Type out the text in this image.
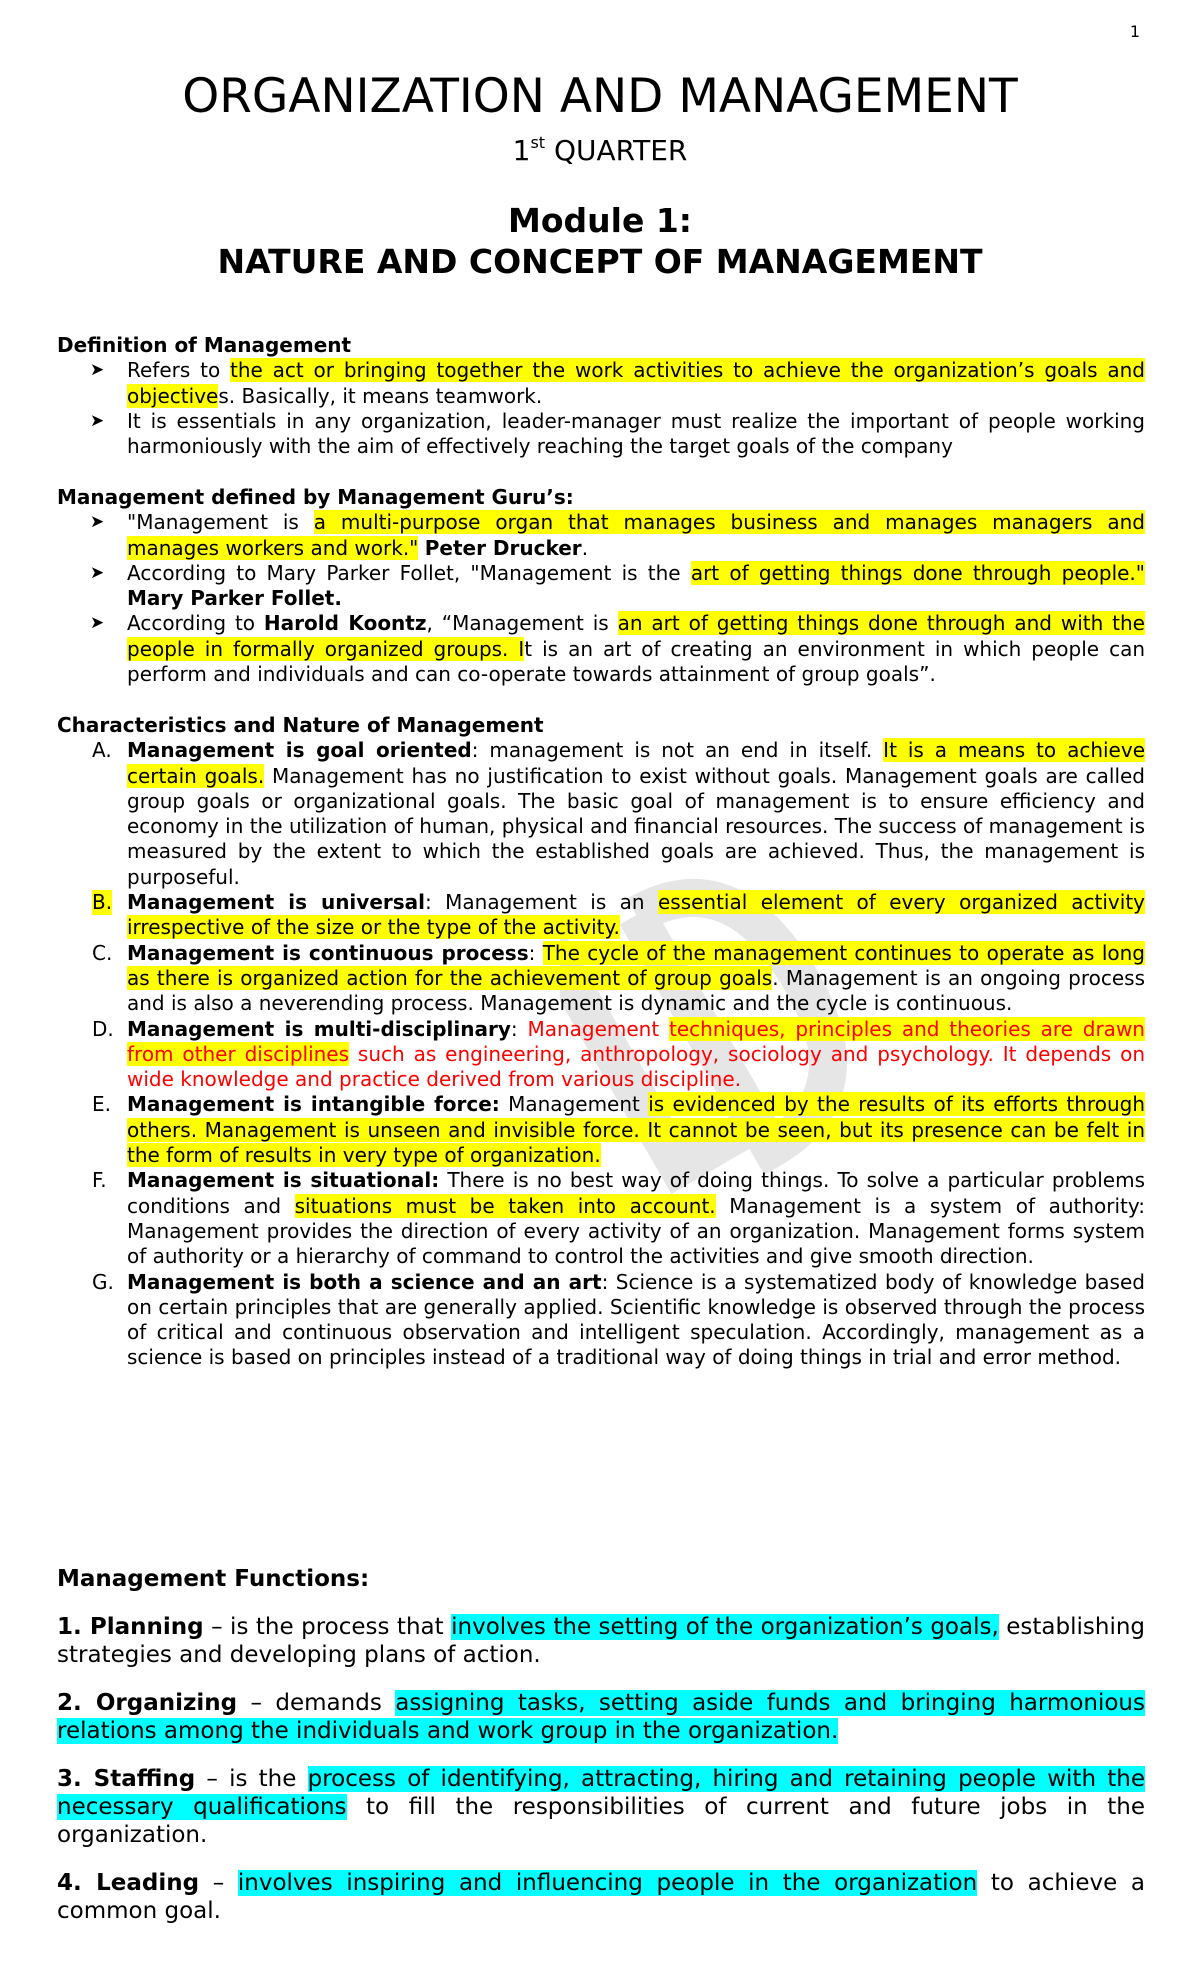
1
ORGANIZATION AND MANAGEMENT
1st QUARTER
Module 1:
NATURE AND CONCEPT OF MANAGEMENT
Definition of Management
➤ Refers to the act or bringing together the work activities to achieve the organization’s goals and objectives. Basically, it means teamwork.
➤ It is essentials in any organization, leader-manager must realize the important of people working harmoniously with the aim of effectively reaching the target goals of the company
Management defined by Management Guru’s:
➤ "Management is a multi-purpose organ that manages business and manages managers and manages workers and work." Peter Drucker.
➤ According to Mary Parker Follet, "Management is the art of getting things done through people." Mary Parker Follet.
➤ According to Harold Koontz, “Management is an art of getting things done through and with the people in formally organized groups. It is an art of creating an environment in which people can perform and individuals and can co-operate towards attainment of group goals”.
Characteristics and Nature of Management
A. Management is goal oriented: management is not an end in itself. It is a means to achieve certain goals. Management has no justification to exist without goals. Management goals are called group goals or organizational goals. The basic goal of management is to ensure efficiency and economy in the utilization of human, physical and financial resources. The success of management is measured by the extent to which the established goals are achieved. Thus, the management is purposeful.
B. Management is universal: Management is an essential element of every organized activity irrespective of the size or the type of the activity.
C. Management is continuous process: The cycle of the management continues to operate as long as there is organized action for the achievement of group goals. Management is an ongoing process and is also a neverending process. Management is dynamic and the cycle is continuous.
D. Management is multi-disciplinary: Management techniques, principles and theories are drawn from other disciplines such as engineering, anthropology, sociology and psychology. It depends on wide knowledge and practice derived from various discipline.
E. Management is intangible force: Management is evidenced by the results of its efforts through others. Management is unseen and invisible force. It cannot be seen, but its presence can be felt in the form of results in very type of organization.
F. Management is situational: There is no best way of doing things. To solve a particular problems conditions and situations must be taken into account. Management is a system of authority: Management provides the direction of every activity of an organization. Management forms system of authority or a hierarchy of command to control the activities and give smooth direction.
G. Management is both a science and an art: Science is a systematized body of knowledge based on certain principles that are generally applied. Scientific knowledge is observed through the process of critical and continuous observation and intelligent speculation. Accordingly, management as a science is based on principles instead of a traditional way of doing things in trial and error method.
Management Functions:
1. Planning – is the process that involves the setting of the organization’s goals, establishing strategies and developing plans of action.
2. Organizing – demands assigning tasks, setting aside funds and bringing harmonious relations among the individuals and work group in the organization.
3. Staffing – is the process of identifying, attracting, hiring and retaining people with the necessary qualifications to fill the responsibilities of current and future jobs in the organization.
4. Leading – involves inspiring and influencing people in the organization to achieve a common goal.
